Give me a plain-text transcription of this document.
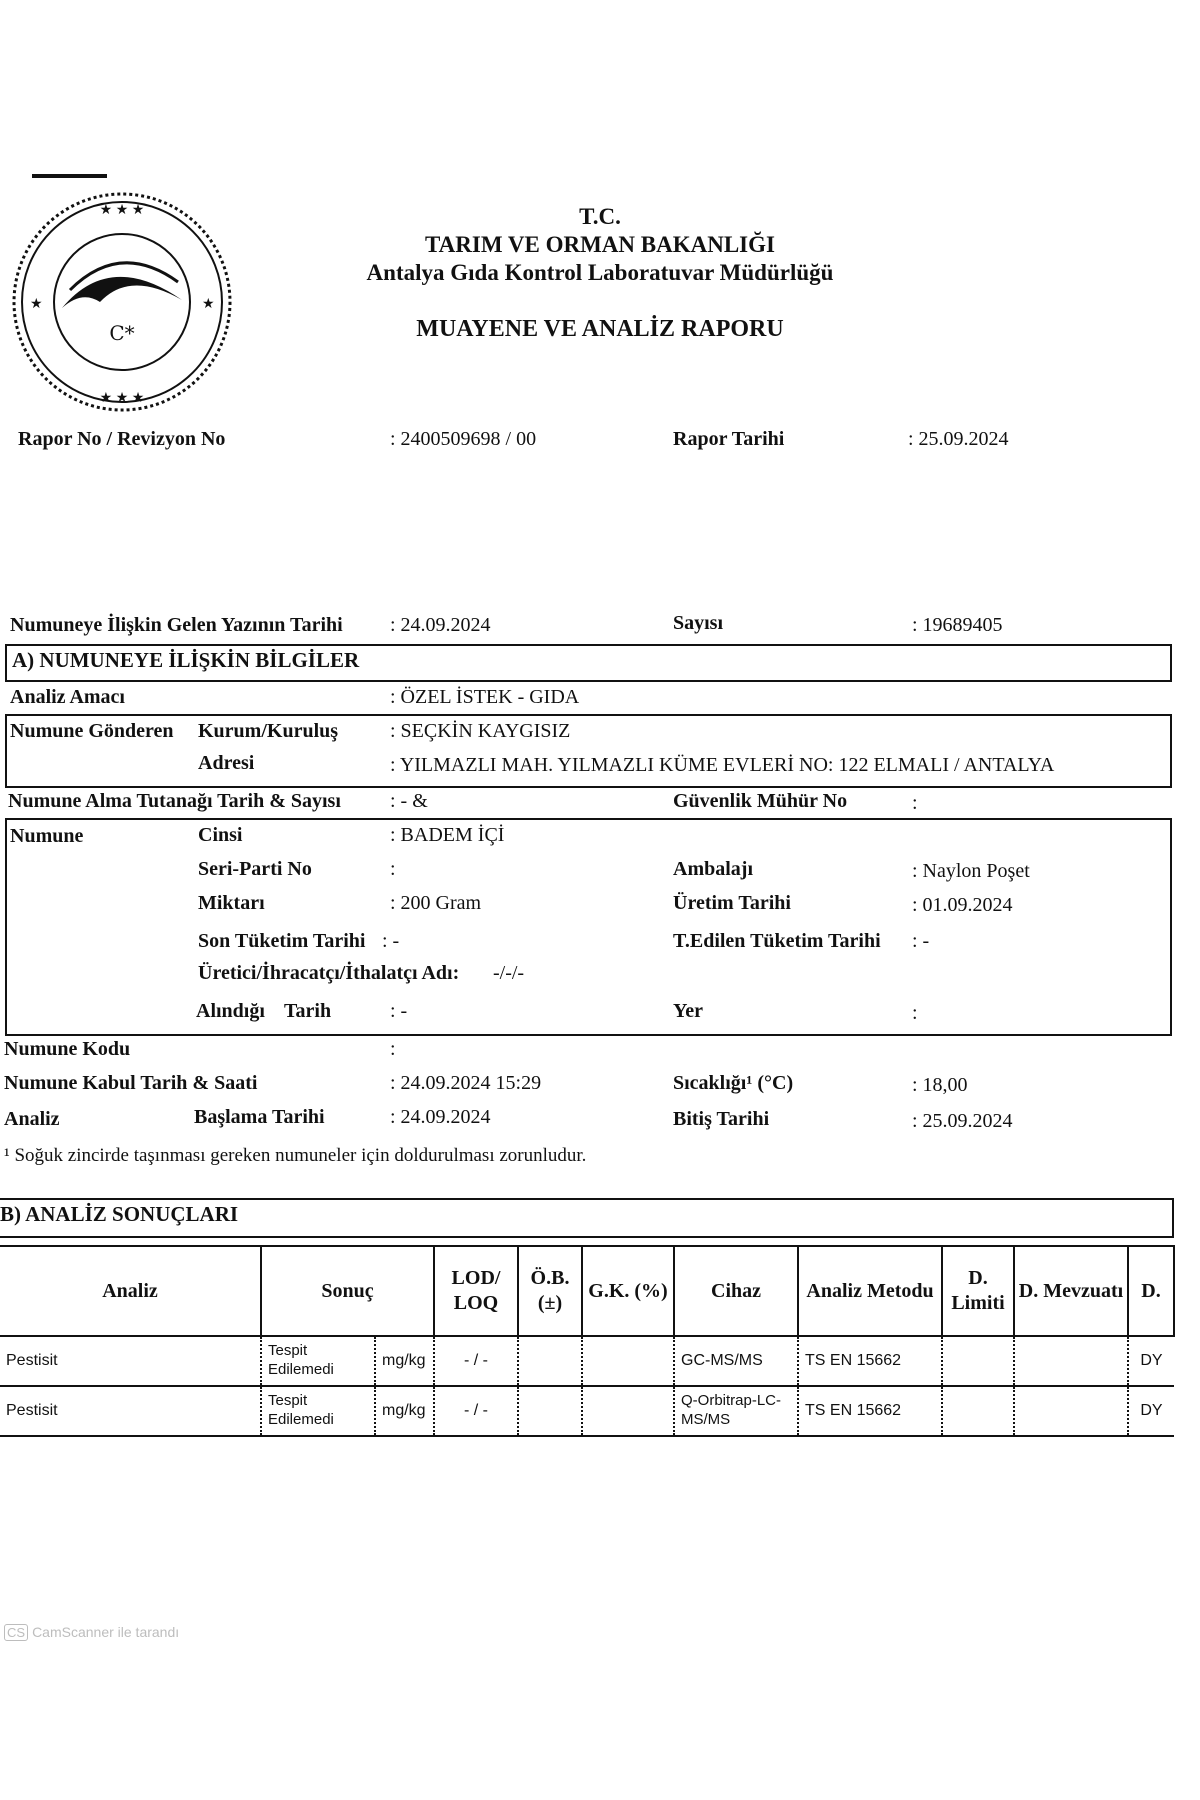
C*
★ ★ ★
★	★
★ ★ ★
T.C.
TARIM VE ORMAN BAKANLIĞI
Antalya Gıda Kontrol Laboratuvar Müdürlüğü
MUAYENE VE ANALİZ RAPORU
Rapor No / Revizyon No	: 2400509698 / 00	Rapor Tarihi	: 25.09.2024
Numuneye İlişkin Gelen Yazının Tarihi : 24.09.2024	Sayısı	: 19689405
A) NUMUNEYE İLİŞKİN BİLGİLER
Analiz Amacı	: ÖZEL İSTEK - GIDA
Numune Gönderen Kurum/Kuruluş	: SEÇKİN KAYGISIZ
Adresi	: YILMAZLI MAH. YILMAZLI KÜME EVLERİ NO: 122 ELMALI / ANTALYA
Numune Alma Tutanağı Tarih & Sayısı : - &	Güvenlik Mühür No	:
Numune	Cinsi	: BADEM İÇİ
Seri-Parti No	:	Ambalajı	: Naylon Poşet
Miktarı	: 200 Gram	Üretim Tarihi	: 01.09.2024
Son Tüketim Tarihi : -	T.Edilen Tüketim Tarihi : -
Üretici/İhracatçı/İthalatçı Adı: -/-/-
Alındığı Tarih	: -	Yer	:
Numune Kodu	:
Numune Kabul Tarih & Saati	: 24.09.2024 15:29	Sıcaklığı¹ (°C)	: 18,00
Analiz	Başlama Tarihi	: 24.09.2024	Bitiş Tarihi	: 25.09.2024
¹ Soğuk zincirde taşınması gereken numuneler için doldurulması zorunludur.
B) ANALİZ SONUÇLARI
Analiz	Sonuç		LOD/ LOQ	Ö.B. (±)	G.K. (%)	Cihaz	Analiz Metodu	D. Limiti	D. Mevzuatı	D.
Pestisit	Tespit Edilemedi	mg/kg	- / -			GC-MS/MS	TS EN 15662			DY
Pestisit	Tespit Edilemedi	mg/kg	- / -			Q-Orbitrap-LC-MS/MS	TS EN 15662			DY
CS CamScanner ile tarandı
